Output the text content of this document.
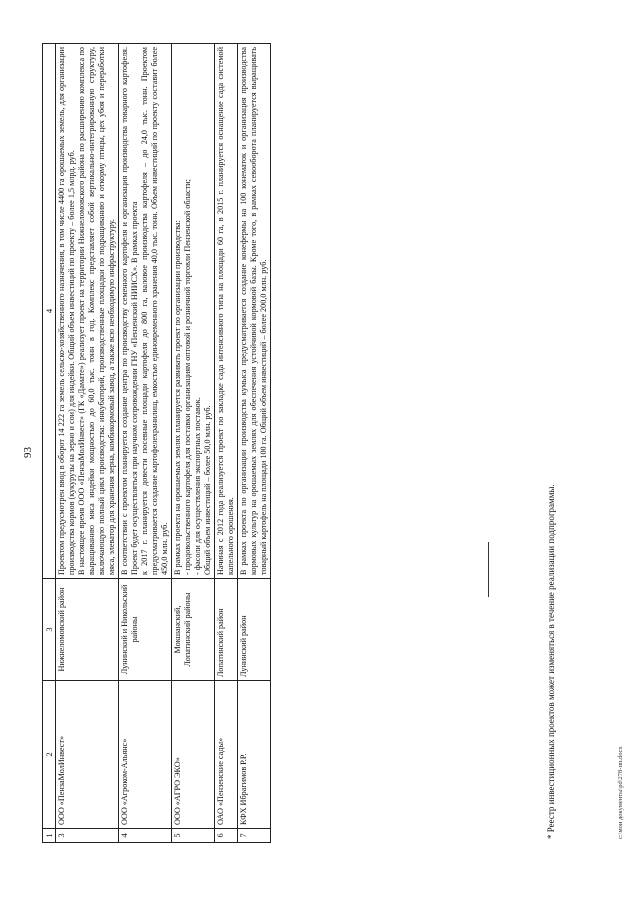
93
1	2	3	4
3	ООО «ПензаМолИнвест»	Нижнеломовский район	Проектом предусмотрен ввод в оборот 14 222 га земель сельско-хозяйственного назначения, в том числе 4400 га орошаемых земель, для организации производства кормов (кукурузы на зерно и сои) для индейки. Общий объем инвестиций по проекту – более 1,5 млрд. руб. В настоящее время ООО «ПензаМолИнвест» (ГК «Дамате») реализует проект на территории Нижнеломовского района по расширению комплекса по выращиванию мяса индейки мощностью до 60,0 тыс. тонн в год. Комплекс представляет собой вертикально-интегрированную структуру, включающую полный цикл производства: инкубаторий, производственные площадки по подращиванию и откорму птицы, цех убоя и переработки мяса, элеватор для хранения зерна, комбикормовый завод, а также всю необходимую инфраструктуру.

4	ООО «Агроком-Альянс»	Лунинский и Никольский районы	В соответствии с проектом планируется создание центра по производству семенного картофеля и организация производства товарного картофеля. Проект будет осуществляться при научном сопровождении ГНУ «Пензенский НИИСХ». В рамках проекта к 2017 г. планируется довести посевные площади картофеля до 800 га, валовое производства картофеля – до 24,0 тыс. тонн. Проектом предусматривается создание картофелехранилищ, емкостью единовременного хранения 40,0 тыс. тонн. Объем инвестиций по проекту составит более 450,0 млн. руб.

5	ООО «АГРО ЭКО»	Мокшанский, Лопатинский районы	В рамках проекта на орошаемых землях планируется развивать проект по организации производства: - продовольственного картофеля для поставки организациям оптовой и розничной торговли Пензенской области; - фасоли для осуществления экспортных поставок. Общий объем инвестиций – более 50,0 млн. руб.

6	ОАО «Пензенские сады»	Лопатинский район	Начиная с 2012 года реализуется проект по закладке сада интенсивного типа на площади 60 га, в 2015 г. планируется оснащение сада системой капельного орошения.

7	КФХ Ибрагимов Р.Р.	Лунинский район	В рамках проекта по организации производства кумыса предусматривается создание конефермы на 100 конематок и организация производства кормовых культур на орошаемых землях для обеспечения устойчивой кормовой базы. Кроме того, в рамках севооборота планируется выращивать товарный картофель на площади 100 га. Общий объем инвестиций – более 200,0 млн. руб.
* Реестр инвестиционных проектов может изменяться в течение реализации подпрограммы.	c:\мои документы\pd\278-пп.docx
